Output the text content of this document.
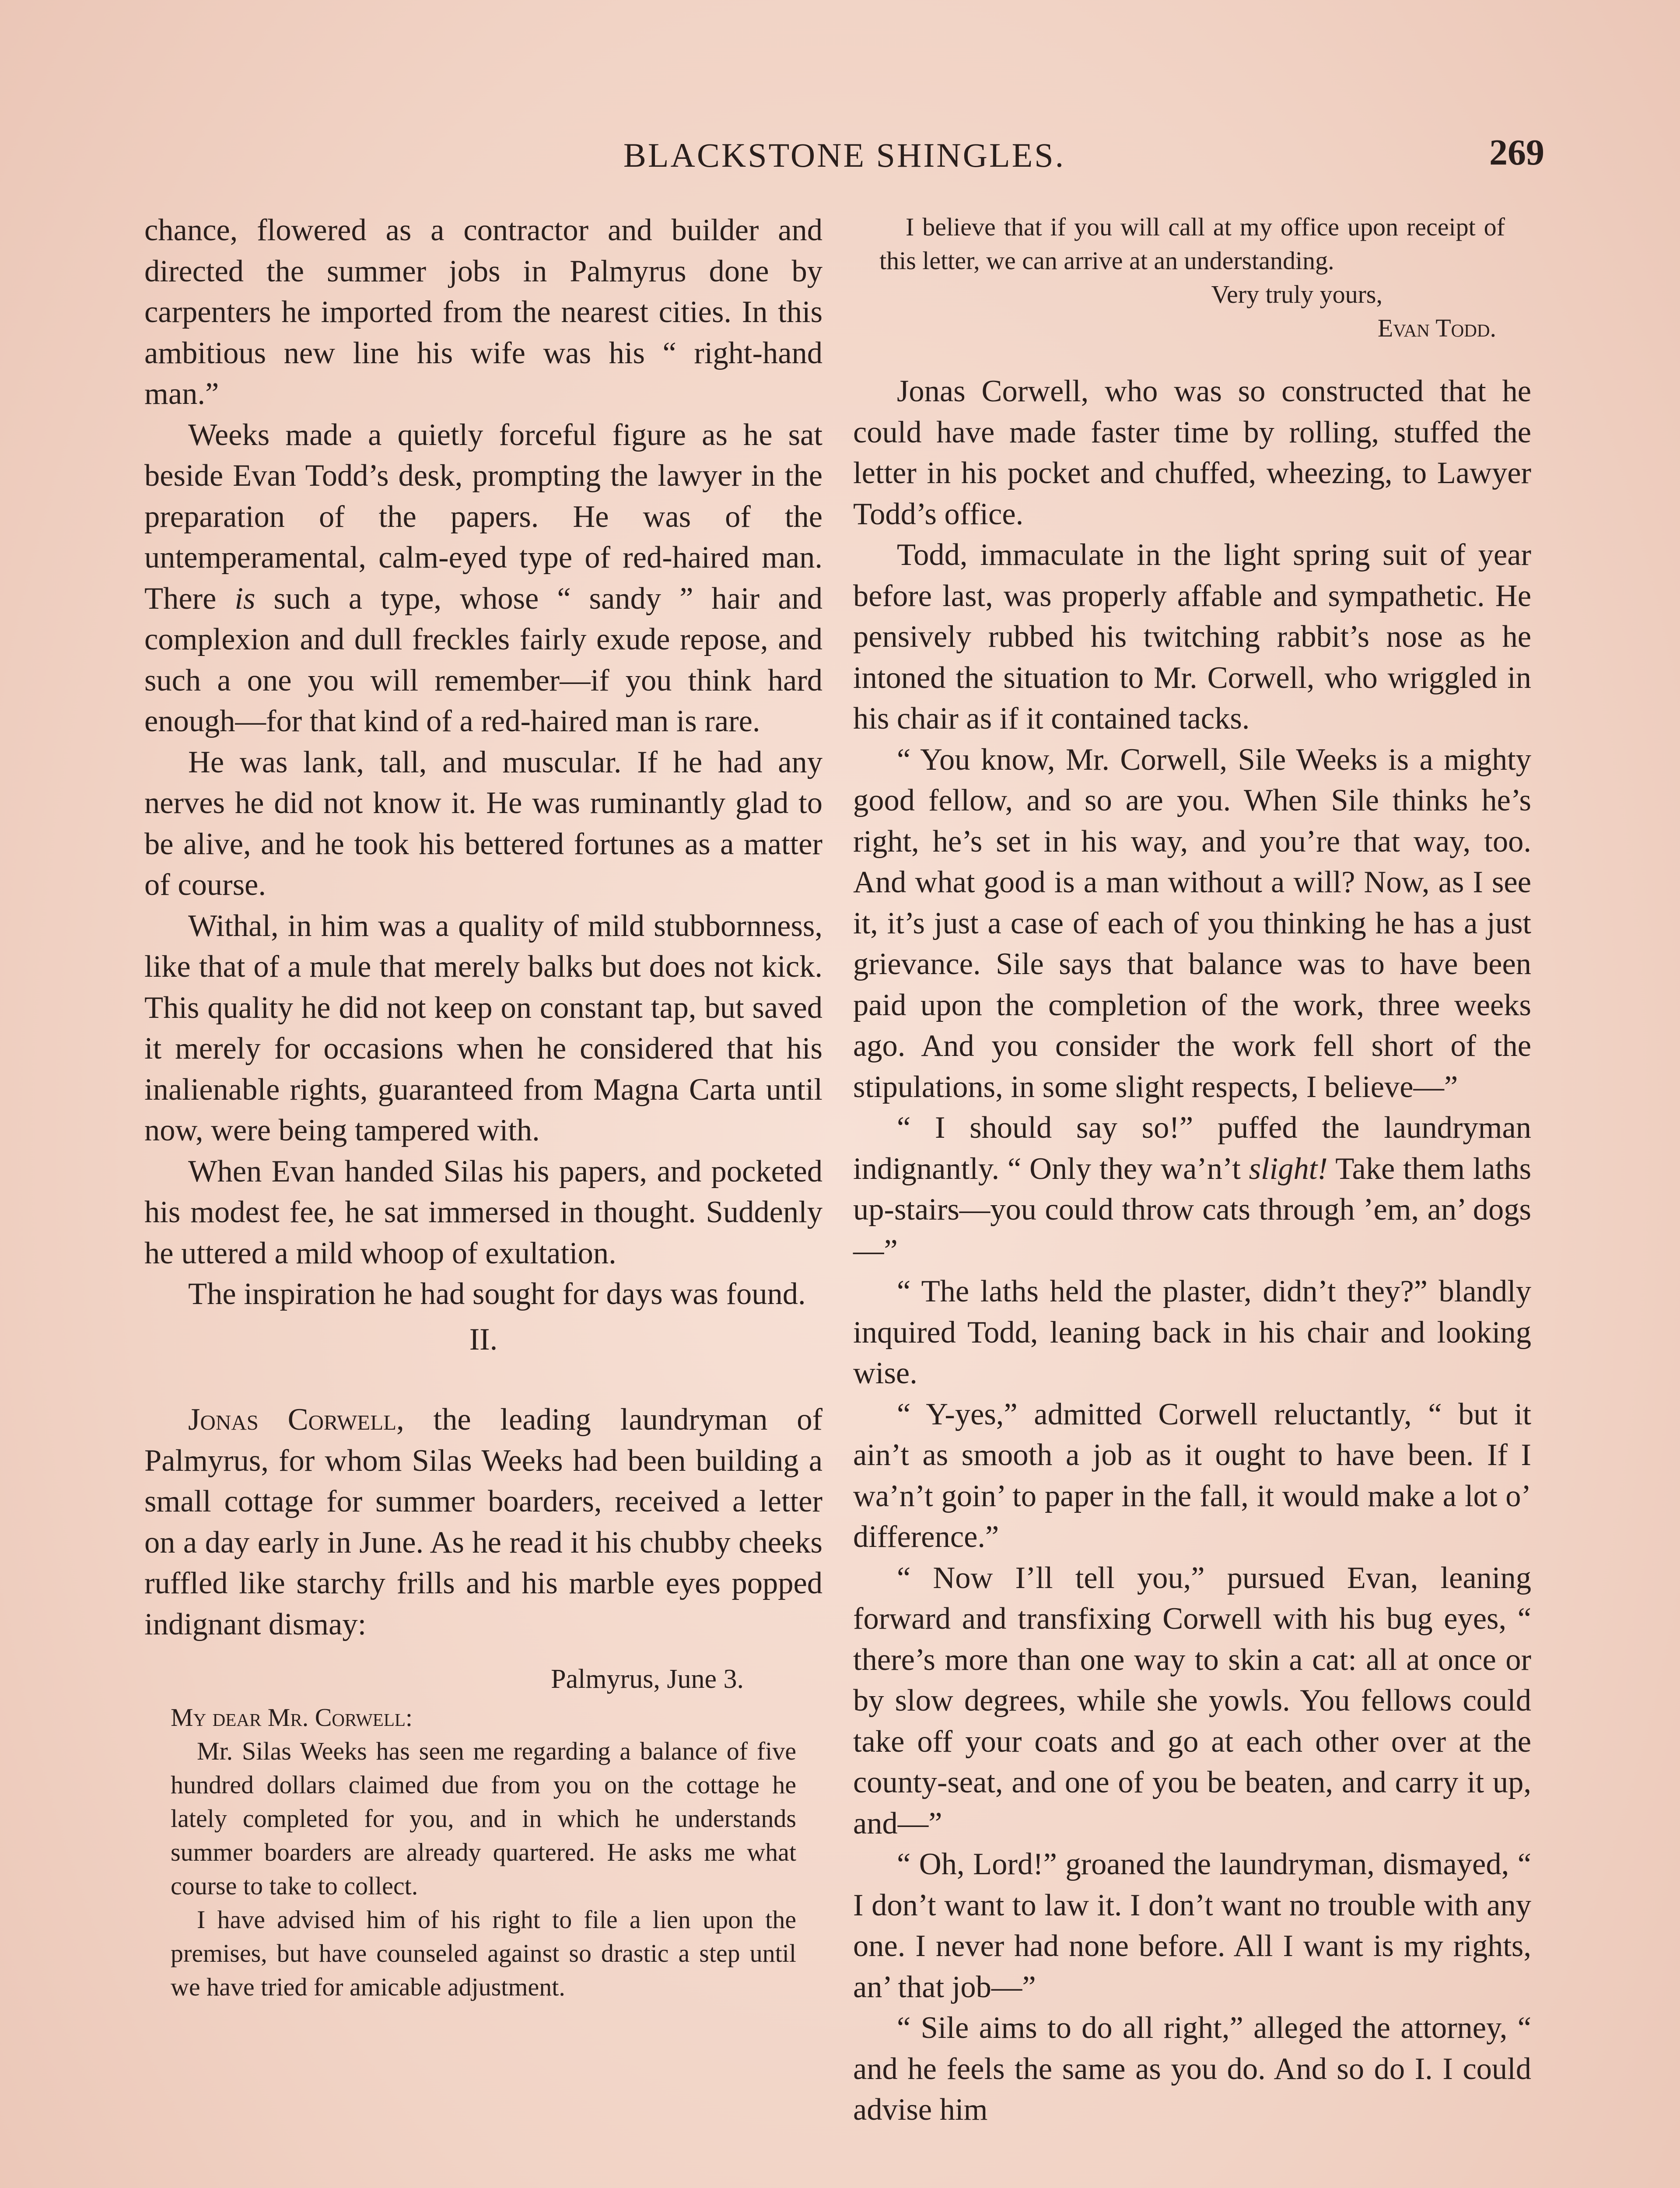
BLACKSTONE SHINGLES.	269

chance, flowered as a contractor and builder and directed the summer jobs in Palmyrus done by carpenters he imported from the nearest cities. In this ambitious new line his wife was his “ right-hand man.”

Weeks made a quietly forceful figure as he sat beside Evan Todd’s desk, prompting the lawyer in the preparation of the papers. He was of the untemperamental, calm-eyed type of red-haired man. There is such a type, whose “ sandy ” hair and complexion and dull freckles fairly exude repose, and such a one you will remember—if you think hard enough—for that kind of a red-haired man is rare.

He was lank, tall, and muscular. If he had any nerves he did not know it. He was ruminantly glad to be alive, and he took his bettered fortunes as a matter of course.

Withal, in him was a quality of mild stubbornness, like that of a mule that merely balks but does not kick. This quality he did not keep on constant tap, but saved it merely for occasions when he considered that his inalienable rights, guaranteed from Magna Carta until now, were being tampered with.

When Evan handed Silas his papers, and pocketed his modest fee, he sat immersed in thought. Suddenly he uttered a mild whoop of exultation.

The inspiration he had sought for days was found.

II.

Jonas Corwell, the leading laundryman of Palmyrus, for whom Silas Weeks had been building a small cottage for summer boarders, received a letter on a day early in June. As he read it his chubby cheeks ruffled like starchy frills and his marble eyes popped indignant dismay:

Palmyrus, June 3.

My dear Mr. Corwell:

Mr. Silas Weeks has seen me regarding a balance of five hundred dollars claimed due from you on the cottage he lately completed for you, and in which he understands summer boarders are already quartered. He asks me what course to take to collect.

I have advised him of his right to file a lien upon the premises, but have counseled against so drastic a step until we have tried for amicable adjustment.

I believe that if you will call at my office upon receipt of this letter, we can arrive at an understanding.

Very truly yours,

Evan Todd.

Jonas Corwell, who was so constructed that he could have made faster time by rolling, stuffed the letter in his pocket and chuffed, wheezing, to Lawyer Todd’s office.

Todd, immaculate in the light spring suit of year before last, was properly affable and sympathetic. He pensively rubbed his twitching rabbit’s nose as he intoned the situation to Mr. Corwell, who wriggled in his chair as if it contained tacks.

“ You know, Mr. Corwell, Sile Weeks is a mighty good fellow, and so are you. When Sile thinks he’s right, he’s set in his way, and you’re that way, too. And what good is a man without a will? Now, as I see it, it’s just a case of each of you thinking he has a just grievance. Sile says that balance was to have been paid upon the completion of the work, three weeks ago. And you consider the work fell short of the stipulations, in some slight respects, I believe—”

“ I should say so!” puffed the laundryman indignantly. “ Only they wa’n’t slight! Take them laths up-stairs—you could throw cats through ’em, an’ dogs—”

“ The laths held the plaster, didn’t they?” blandly inquired Todd, leaning back in his chair and looking wise.

“ Y-yes,” admitted Corwell reluctantly, “ but it ain’t as smooth a job as it ought to have been. If I wa’n’t goin’ to paper in the fall, it would make a lot o’ difference.”

“ Now I’ll tell you,” pursued Evan, leaning forward and transfixing Corwell with his bug eyes, “ there’s more than one way to skin a cat: all at once or by slow degrees, while she yowls. You fellows could take off your coats and go at each other over at the county-seat, and one of you be beaten, and carry it up, and—”

“ Oh, Lord!” groaned the laundryman, dismayed, “ I don’t want to law it. I don’t want no trouble with any one. I never had none before. All I want is my rights, an’ that job—”

“ Sile aims to do all right,” alleged the attorney, “ and he feels the same as you do. And so do I. I could advise him
